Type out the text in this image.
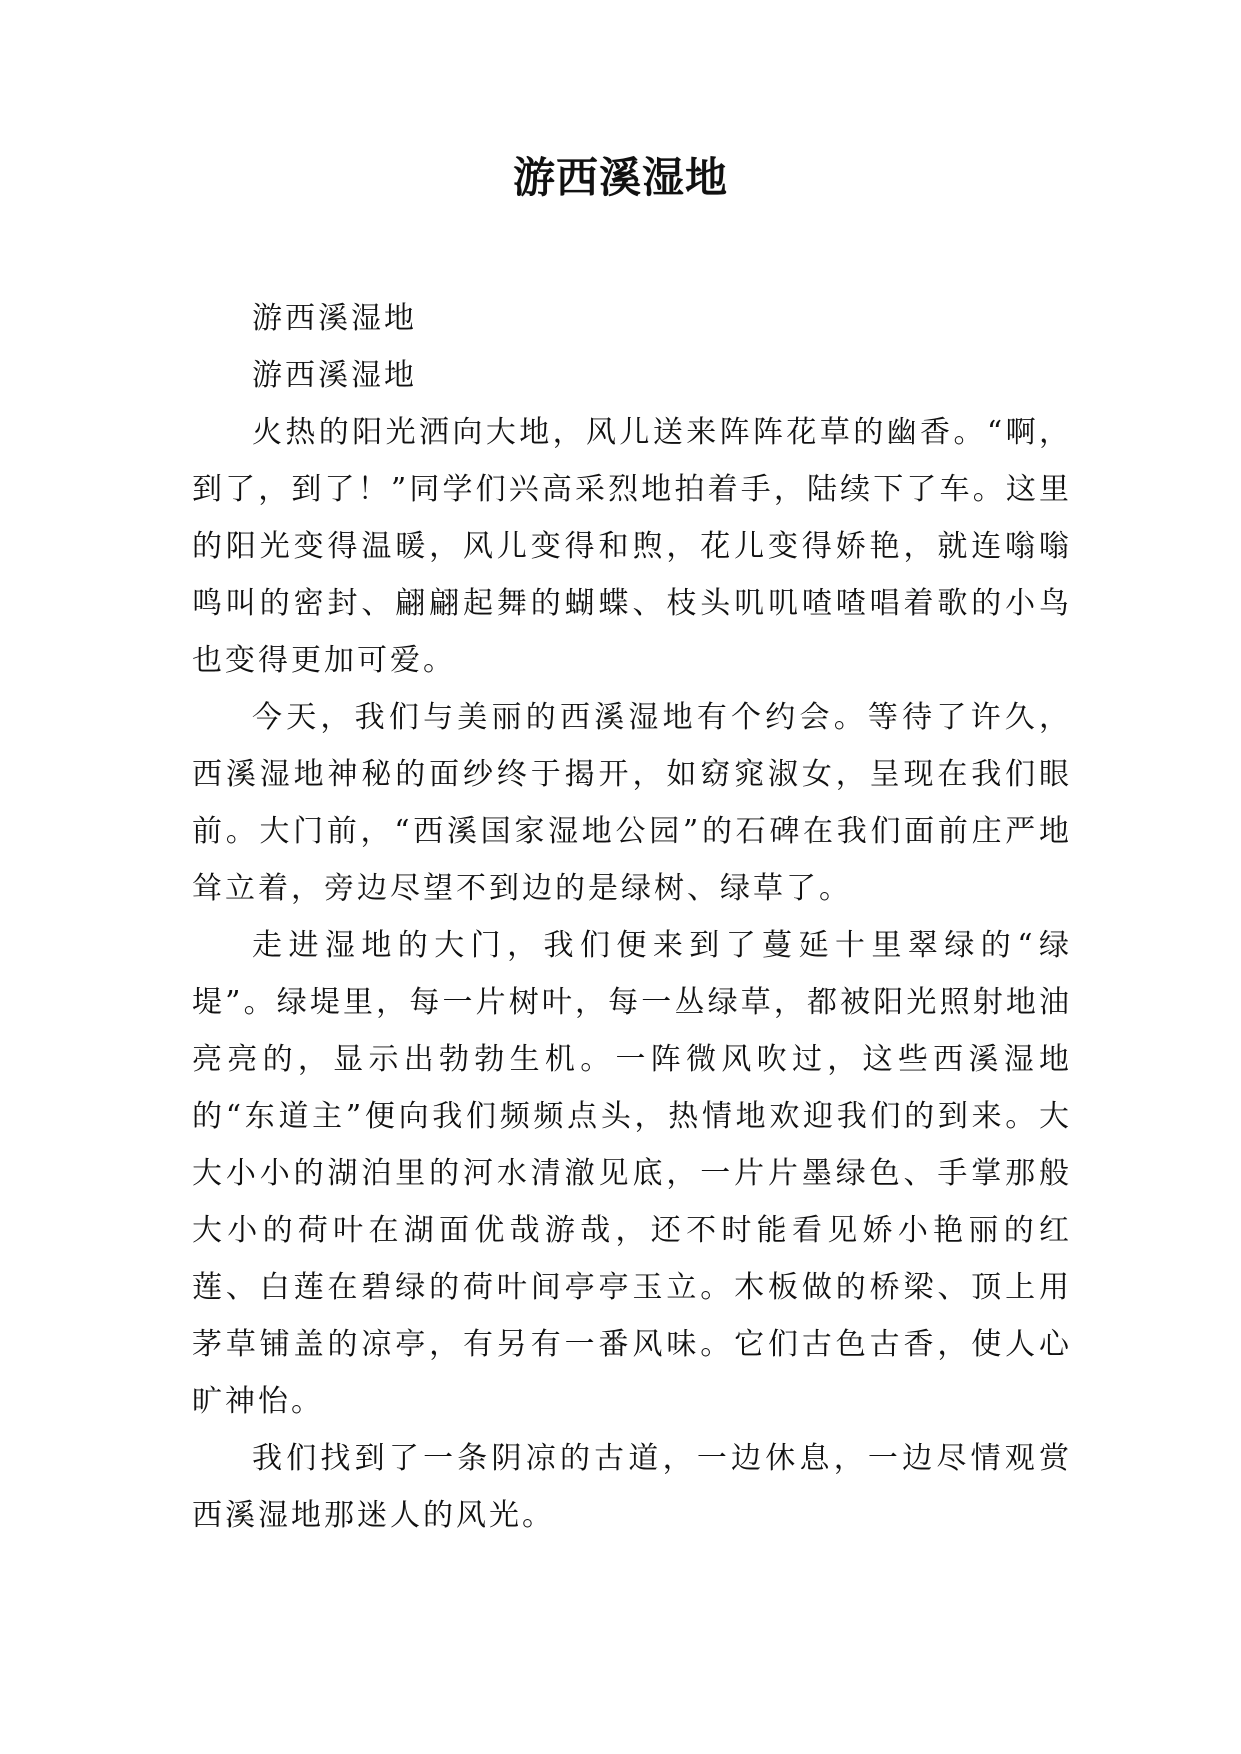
游西溪湿地

游西溪湿地

游西溪湿地

火热的阳光洒向大地，风儿送来阵阵花草的幽香。“啊，到了，到了！”同学们兴高采烈地拍着手，陆续下了车。这里的阳光变得温暖，风儿变得和煦，花儿变得娇艳，就连嗡嗡鸣叫的密封、翩翩起舞的蝴蝶、枝头叽叽喳喳唱着歌的小鸟也变得更加可爱。

今天，我们与美丽的西溪湿地有个约会。等待了许久，西溪湿地神秘的面纱终于揭开，如窈窕淑女，呈现在我们眼前。大门前，“西溪国家湿地公园”的石碑在我们面前庄严地耸立着，旁边尽望不到边的是绿树、绿草了。

走进湿地的大门，我们便来到了蔓延十里翠绿的“绿堤”。绿堤里，每一片树叶，每一丛绿草，都被阳光照射地油亮亮的，显示出勃勃生机。一阵微风吹过，这些西溪湿地的“东道主”便向我们频频点头，热情地欢迎我们的到来。大大小小的湖泊里的河水清澈见底，一片片墨绿色、手掌那般大小的荷叶在湖面优哉游哉，还不时能看见娇小艳丽的红莲、白莲在碧绿的荷叶间亭亭玉立。木板做的桥梁、顶上用茅草铺盖的凉亭，有另有一番风味。它们古色古香，使人心旷神怡。

我们找到了一条阴凉的古道，一边休息，一边尽情观赏西溪湿地那迷人的风光。
